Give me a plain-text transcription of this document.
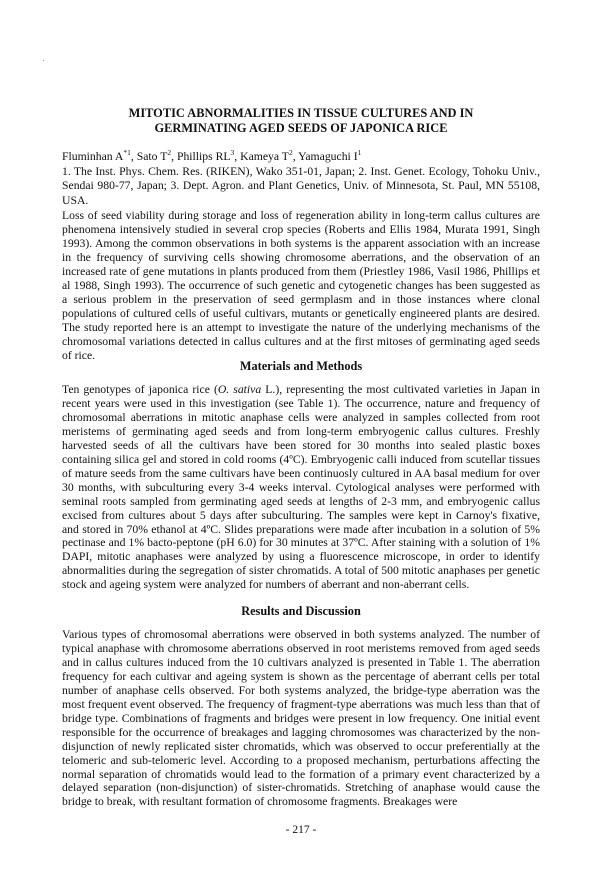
MITOTIC ABNORMALITIES IN TISSUE CULTURES AND IN
GERMINATING AGED SEEDS OF JAPONICA RICE
Fluminhan $A^{*1}$, Sato $T^2$, Phillips $RL^3$, Kameya $T^2$, Yamaguchi $I^1$
1. The Inst. Phys. Chem. Res. (RIKEN), Wako 351-01, Japan; 2. Inst. Genet. Ecology, Tohoku Univ., Sendai 980-77, Japan; 3. Dept. Agron. and Plant Genetics, Univ. of Minnesota, St. Paul, MN 55108, USA.

Loss of seed viability during storage and loss of regeneration ability in long-term callus cultures are phenomena intensively studied in several crop species (Roberts and Ellis 1984, Murata 1991, Singh 1993). Among the common observations in both systems is the apparent association with an increase in the frequency of surviving cells showing chromosome aberrations, and the observation of an increased rate of gene mutations in plants produced from them (Priestley 1986, Vasil 1986, Phillips et al 1988, Singh 1993). The occurrence of such genetic and cytogenetic changes has been suggested as a serious problem in the preservation of seed germplasm and in those instances where clonal populations of cultured cells of useful cultivars, mutants or genetically engineered plants are desired. The study reported here is an attempt to investigate the nature of the underlying mechanisms of the chromosomal variations detected in callus cultures and at the first mitoses of germinating aged seeds of rice.

Materials and Methods

Ten genotypes of japonica rice (O. sativa L.), representing the most cultivated varieties in Japan in recent years were used in this investigation (see Table 1). The occurrence, nature and frequency of chromosomal aberrations in mitotic anaphase cells were analyzed in samples collected from root meristems of germinating aged seeds and from long-term embryogenic callus cultures. Freshly harvested seeds of all the cultivars have been stored for 30 months into sealed plastic boxes containing silica gel and stored in cold rooms (4ºC). Embryogenic calli induced from scutellar tissues of mature seeds from the same cultivars have been continuosly cultured in AA basal medium for over 30 months, with subculturing every 3-4 weeks interval. Cytological analyses were performed with seminal roots sampled from germinating aged seeds at lengths of 2-3 mm, and embryogenic callus excised from cultures about 5 days after subculturing. The samples were kept in Carnoy's fixative, and stored in 70% ethanol at 4ºC. Slides preparations were made after incubation in a solution of 5% pectinase and 1% bacto-peptone (pH 6.0) for 30 minutes at 37ºC. After staining with a solution of 1% DAPI, mitotic anaphases were analyzed by using a fluorescence microscope, in order to identify abnormalities during the segregation of sister chromatids. A total of 500 mitotic anaphases per genetic stock and ageing system were analyzed for numbers of aberrant and non-aberrant cells.

Results and Discussion

Various types of chromosomal aberrations were observed in both systems analyzed. The number of typical anaphase with chromosome aberrations observed in root meristems removed from aged seeds and in callus cultures induced from the 10 cultivars analyzed is presented in Table 1. The aberration frequency for each cultivar and ageing system is shown as the percentage of aberrant cells per total number of anaphase cells observed. For both systems analyzed, the bridge-type aberration was the most frequent event observed. The frequency of fragment-type aberrations was much less than that of bridge type. Combinations of fragments and bridges were present in low frequency. One initial event responsible for the occurrence of breakages and lagging chromosomes was characterized by the non-disjunction of newly replicated sister chromatids, which was observed to occur preferentially at the telomeric and sub-telomeric level. According to a proposed mechanism, perturbations affecting the normal separation of chromatids would lead to the formation of a primary event characterized by a delayed separation (non-disjunction) of sister-chromatids. Stretching of anaphase would cause the bridge to break, with resultant formation of chromosome fragments. Breakages were

- 217 -
